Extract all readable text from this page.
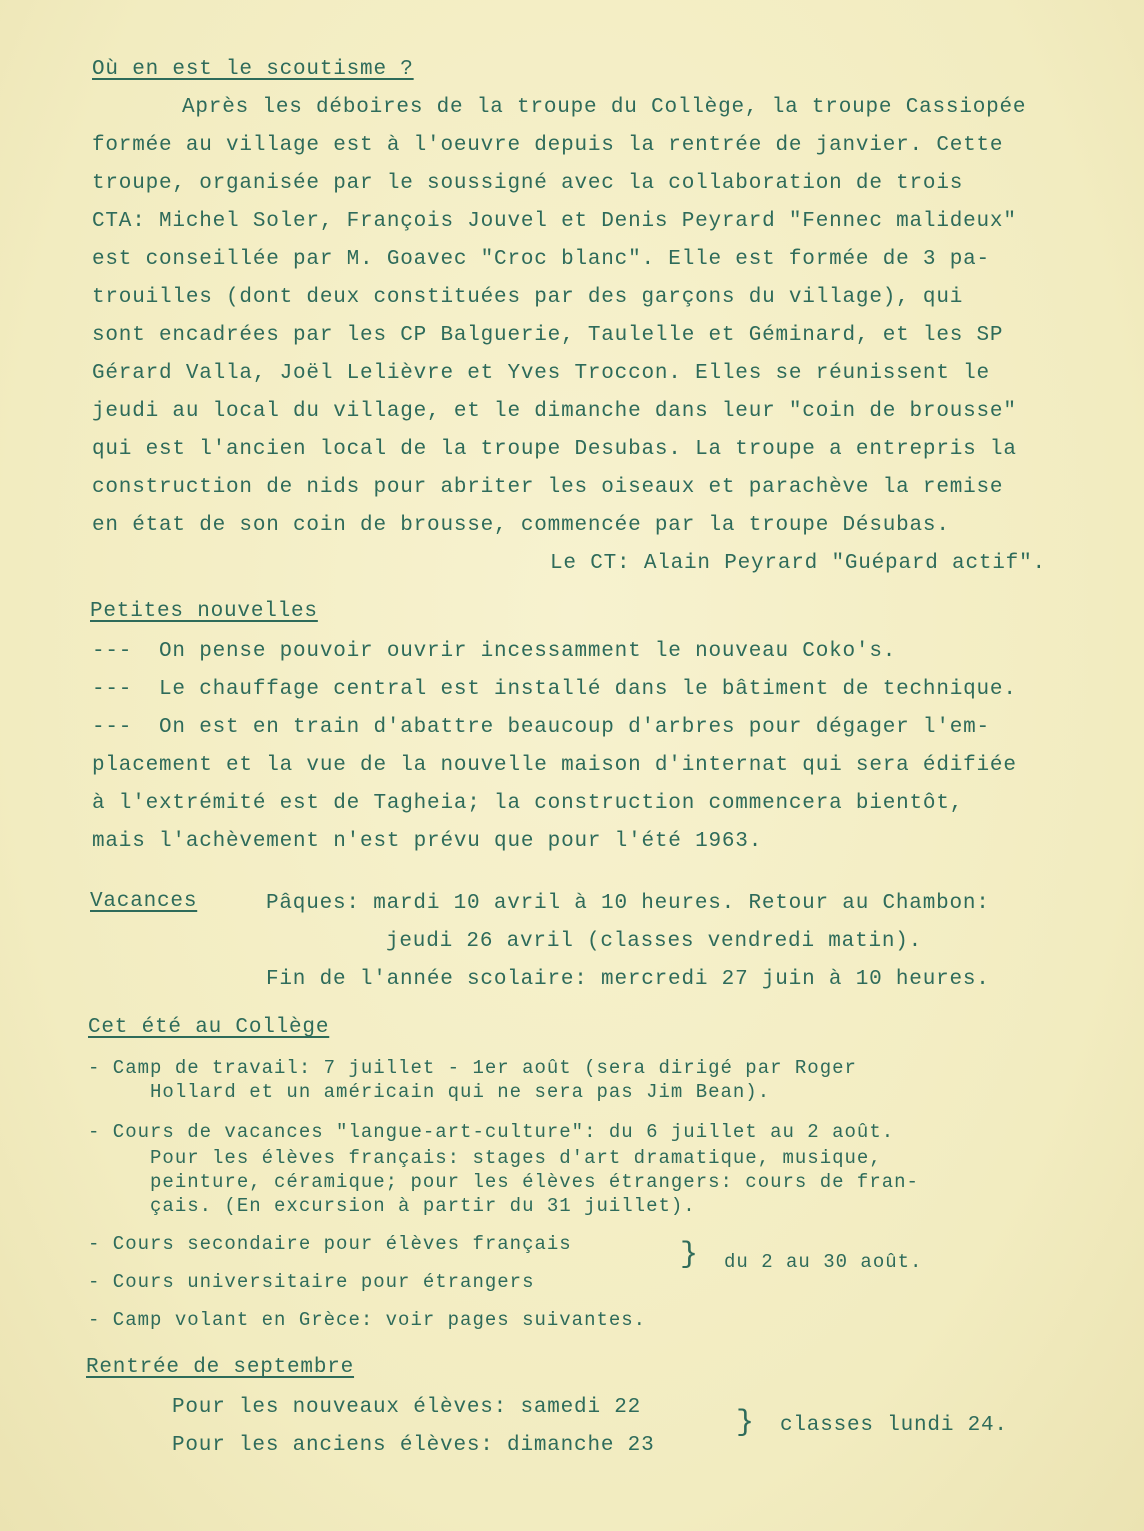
Où en est le scoutisme ?
Après les déboires de la troupe du Collège, la troupe Cassiopée
formée au village est à l'oeuvre depuis la rentrée de janvier. Cette
troupe, organisée par le soussigné avec la collaboration de trois
CTA: Michel Soler, François Jouvel et Denis Peyrard "Fennec malideux"
est conseillée par M. Goavec "Croc blanc". Elle est formée de 3 pa-
trouilles (dont deux constituées par des garçons du village), qui
sont encadrées par les CP Balguerie, Taulelle et Géminard, et les SP
Gérard Valla, Joël Lelièvre et Yves Troccon. Elles se réunissent le
jeudi au local du village, et le dimanche dans leur "coin de brousse"
qui est l'ancien local de la troupe Desubas. La troupe a entrepris la
construction de nids pour abriter les oiseaux et parachève la remise
en état de son coin de brousse, commencée par la troupe Désubas.
Le CT: Alain Peyrard "Guépard actif".
Petites nouvelles
---  On pense pouvoir ouvrir incessamment le nouveau Coko's.
---  Le chauffage central est installé dans le bâtiment de technique.
---  On est en train d'abattre beaucoup d'arbres pour dégager l'em-
placement et la vue de la nouvelle maison d'internat qui sera édifiée
à l'extrémité est de Tagheia; la construction commencera bientôt,
mais l'achèvement n'est prévu que pour l'été 1963.
Vacances	Pâques: mardi 10 avril à 10 heures. Retour au Chambon:
jeudi 26 avril (classes vendredi matin).
Fin de l'année scolaire: mercredi 27 juin à 10 heures.
Cet été au Collège
- Camp de travail: 7 juillet - 1er août (sera dirigé par Roger
Hollard et un américain qui ne sera pas Jim Bean).
- Cours de vacances "langue-art-culture": du 6 juillet au 2 août.
Pour les élèves français: stages d'art dramatique, musique,
peinture, céramique; pour les élèves étrangers: cours de fran-
çais. (En excursion à partir du 31 juillet).
- Cours secondaire pour élèves français
- Cours universitaire pour étrangers
} du 2 au 30 août.
- Camp volant en Grèce: voir pages suivantes.
Rentrée de septembre
Pour les nouveaux élèves: samedi 22
Pour les anciens élèves: dimanche 23
} classes lundi 24.
